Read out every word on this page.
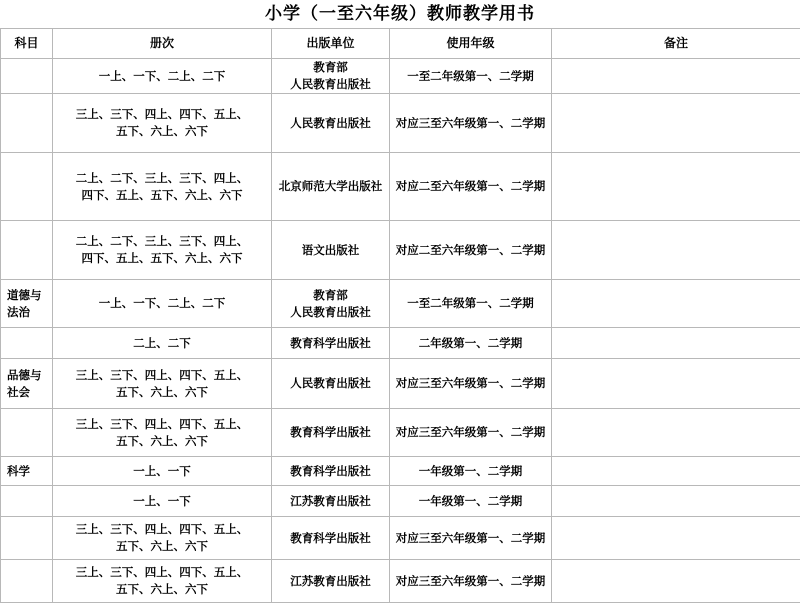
小学（一至六年级）教师教学用书
科目	册次	出版单位	使用年级	备注
	一上、一下、二上、二下	教育部
人民教育出版社	一至二年级第一、二学期	
	三上、三下、四上、四下、五上、
五下、六上、六下	人民教育出版社	对应三至六年级第一、二学期	
	二上、二下、三上、三下、四上、
四下、五上、五下、六上、六下	北京师范大学出版社	对应二至六年级第一、二学期	
	二上、二下、三上、三下、四上、
四下、五上、五下、六上、六下	语文出版社	对应二至六年级第一、二学期	
道德与
法治	一上、一下、二上、二下	教育部
人民教育出版社	一至二年级第一、二学期	
	二上、二下	教育科学出版社	二年级第一、二学期	
品德与
社会	三上、三下、四上、四下、五上、
五下、六上、六下	人民教育出版社	对应三至六年级第一、二学期	
	三上、三下、四上、四下、五上、
五下、六上、六下	教育科学出版社	对应三至六年级第一、二学期	
科学	一上、一下	教育科学出版社	一年级第一、二学期	
	一上、一下	江苏教育出版社	一年级第一、二学期	
	三上、三下、四上、四下、五上、
五下、六上、六下	教育科学出版社	对应三至六年级第一、二学期	
	三上、三下、四上、四下、五上、
五下、六上、六下	江苏教育出版社	对应三至六年级第一、二学期	
